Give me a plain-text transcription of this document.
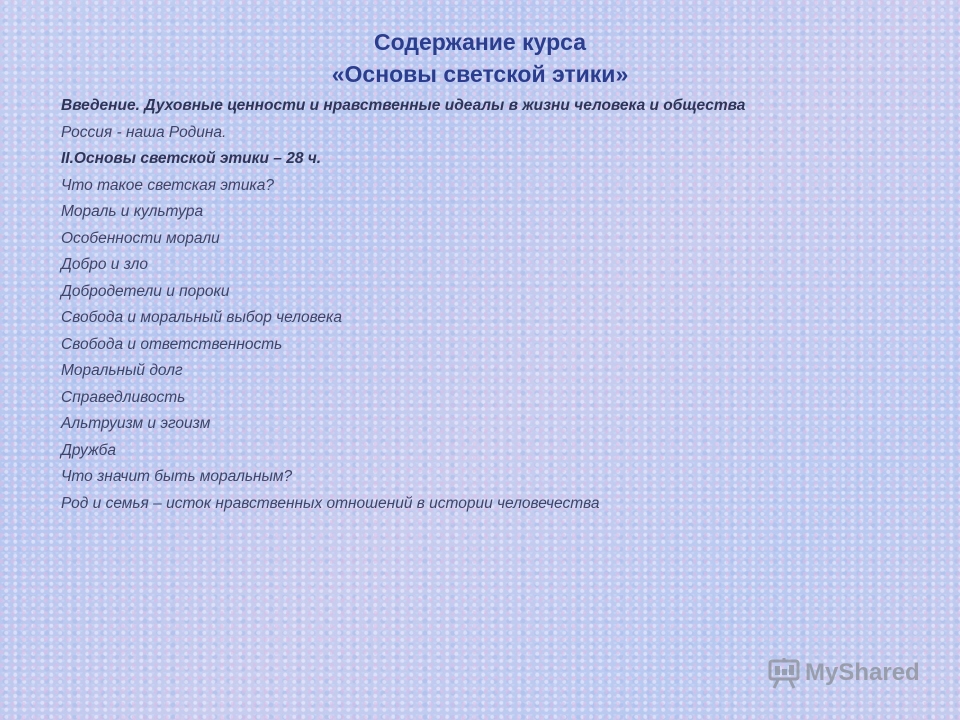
Содержание курса
«Основы светской этики»
Введение. Духовные ценности и нравственные идеалы в жизни человека и общества
Россия - наша Родина.
II.Основы светской этики – 28 ч.
Что такое светская этика?
Мораль и культура
Особенности морали
Добро и зло
Добродетели и пороки
Свобода и моральный выбор человека
Свобода и ответственность
Моральный долг
Справедливость
Альтруизм и эгоизм
Дружба
Что значит быть моральным?
Род и семья – исток нравственных отношений в истории человечества
MyShared
